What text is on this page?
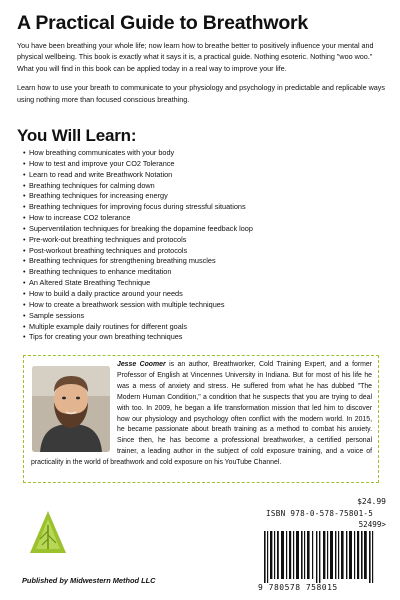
A Practical Guide to Breathwork

You have been breathing your whole life; now learn how to breathe better to positively influence your mental and physical wellbeing. This book is exactly what it says it is, a practical guide. Nothing esoteric. Nothing "woo woo." What you will find in this book can be applied today in a real way to improve your life.

Learn how to use your breath to communicate to your physiology and psychology in predictable and replicable ways using nothing more than focused conscious breathing.

You Will Learn:
• How breathing communicates with your body
• How to test and improve your CO2 Tolerance
• Learn to read and write Breathwork Notation
• Breathing techniques for calming down
• Breathing techniques for increasing energy
• Breathing techniques for improving focus during stressful situations
• How to increase CO2 tolerance
• Superventilation techniques for breaking the dopamine feedback loop
• Pre-work-out breathing techniques and protocols
• Post-workout breathing techniques and protocols
• Breathing techniques for strengthening breathing muscles
• Breathing techniques to enhance meditation
• An Altered State Breathing Technique
• How to build a daily practice around your needs
• How to create a breathwork session with multiple techniques
• Sample sessions
• Multiple example daily routines for different goals
• Tips for creating your own breathing techniques
Jesse Coomer is an author, Breathworker, Cold Training Expert, and a former Professor of English at Vincennes University in Indiana. But for most of his life he was a mess of anxiety and stress. He suffered from what he has dubbed "The Modern Human Condition," a condition that he suspects that you are trying to deal with too. In 2009, he began a life transformation mission that led him to discover how our physiology and psychology often conflict with the modern world. In 2015, he became passionate about breath training as a method to combat his anxiety. Since then, he has become a professional breathworker, a certified personal trainer, a leading author in the subject of cold exposure training, and a voice of practicality in the world of breathwork and cold exposure on his YouTube Channel.
Published by Midwestern Method LLC
$24.99
ISBN 978-0-578-75801-5
52499>
9 780578 758015
